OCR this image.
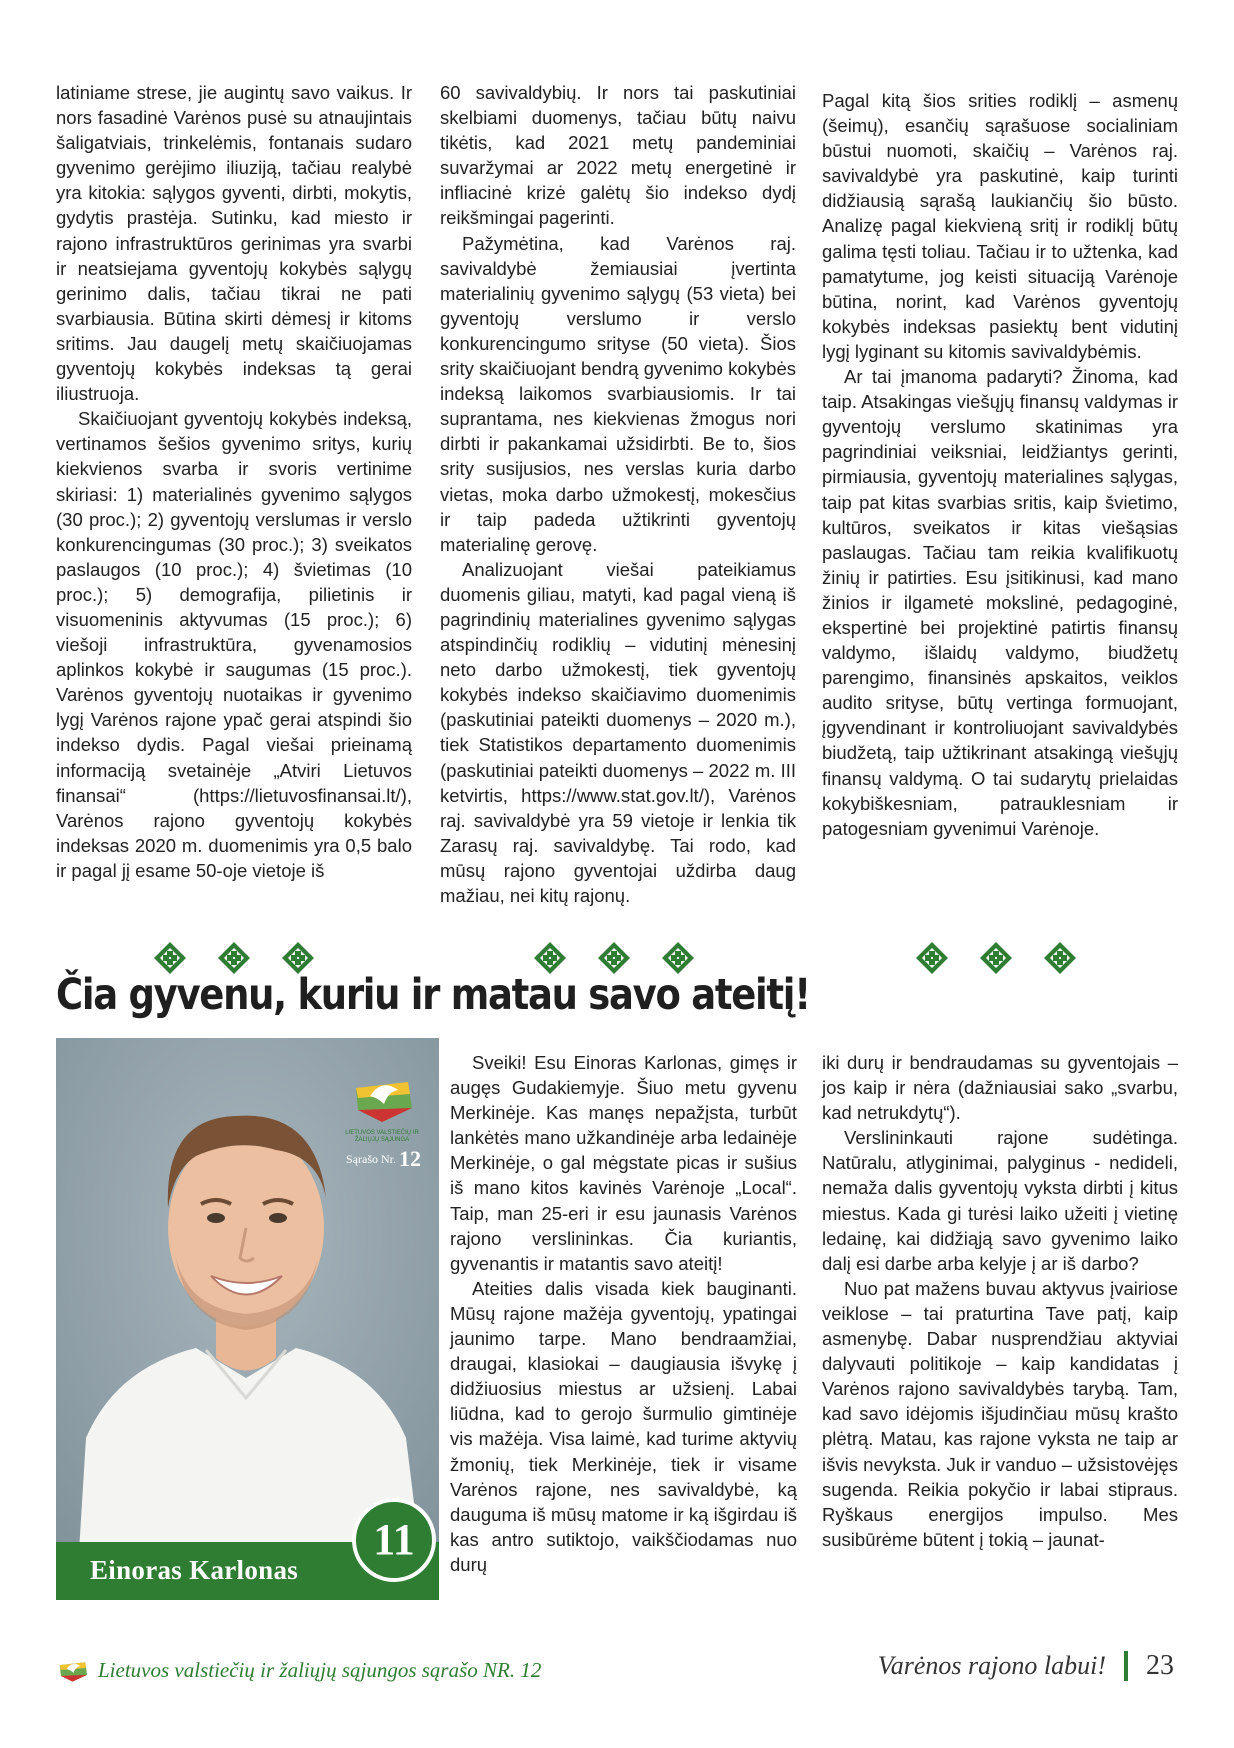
latiniame strese, jie augintų savo vaikus. Ir nors fasadinė Varėnos pusė su atnaujintais šaligatviais, trinkelėmis, fontanais sudaro gyvenimo gerėjimo iliuziją, tačiau realybė yra kitokia: sąlygos gyventi, dirbti, mokytis, gydytis prastėja. Sutinku, kad miesto ir rajono infrastruktūros gerinimas yra svarbi ir neatsiejama gyventojų kokybės sąlygų gerinimo dalis, tačiau tikrai ne pati svarbiausia. Būtina skirti dėmesį ir kitoms sritims. Jau daugelį metų skaičiuojamas gyventojų kokybės indeksas tą gerai iliustruoja.

Skaičiuojant gyventojų kokybės indeksą, vertinamos šešios gyvenimo sritys, kurių kiekvienos svarba ir svoris vertinime skiriasi: 1) materialinės gyvenimo sąlygos (30 proc.); 2) gyventojų verslumas ir verslo konkurencingumas (30 proc.); 3) sveikatos paslaugos (10 proc.); 4) švietimas (10 proc.); 5) demografija, pilietinis ir visuomeninis aktyvumas (15 proc.); 6) viešoji infrastruktūra, gyvenamosios aplinkos kokybė ir saugumas (15 proc.). Varėnos gyventojų nuotaikas ir gyvenimo lygį Varėnos rajone ypač gerai atspindi šio indekso dydis. Pagal viešai prieinamą informaciją svetainėje „Atviri Lietuvos finansai“ (https://lietuvosfinansai.lt/), Varėnos rajono gyventojų kokybės indeksas 2020 m. duomenimis yra 0,5 balo ir pagal jį esame 50-oje vietoje iš

60 savivaldybių. Ir nors tai paskutiniai skelbiami duomenys, tačiau būtų naivu tikėtis, kad 2021 metų pandeminiai suvaržymai ar 2022 metų energetinė ir infliacinė krizė galėtų šio indekso dydį reikšmingai pagerinti.

Pažymėtina, kad Varėnos raj. savivaldybė žemiausiai įvertinta materialinių gyvenimo sąlygų (53 vieta) bei gyventojų verslumo ir verslo konkurencingumo srityse (50 vieta). Šios srity skaičiuojant bendrą gyvenimo kokybės indeksą laikomos svarbiausiomis. Ir tai suprantama, nes kiekvienas žmogus nori dirbti ir pakankamai užsidirbti. Be to, šios srity susijusios, nes verslas kuria darbo vietas, moka darbo užmokestį, mokesčius ir taip padeda užtikrinti gyventojų materialinę gerovę.

Analizuojant viešai pateikiamus duomenis giliau, matyti, kad pagal vieną iš pagrindinių materialines gyvenimo sąlygas atspindinčių rodiklių – vidutinį mėnesinį neto darbo užmokestį, tiek gyventojų kokybės indekso skaičiavimo duomenimis (paskutiniai pateikti duomenys – 2020 m.), tiek Statistikos departamento duomenimis (paskutiniai pateikti duomenys – 2022 m. III ketvirtis, https://www.stat.gov.lt/), Varėnos raj. savivaldybė yra 59 vietoje ir lenkia tik Zarasų raj. savivaldybę. Tai rodo, kad mūsų rajono gyventojai uždirba daug mažiau, nei kitų rajonų.

Pagal kitą šios srities rodiklį – asmenų (šeimų), esančių sąrašuose socialiniam būstui nuomoti, skaičių – Varėnos raj. savivaldybė yra paskutinė, kaip turinti didžiausią sąrašą laukiančių šio būsto. Analizę pagal kiekvieną sritį ir rodiklį būtų galima tęsti toliau. Tačiau ir to užtenka, kad pamatytume, jog keisti situaciją Varėnoje būtina, norint, kad Varėnos gyventojų kokybės indeksas pasiektų bent vidutinį lygį lyginant su kitomis savivaldybėmis.

Ar tai įmanoma padaryti? Žinoma, kad taip. Atsakingas viešųjų finansų valdymas ir gyventojų verslumo skatinimas yra pagrindiniai veiksniai, leidžiantys gerinti, pirmiausia, gyventojų materialines sąlygas, taip pat kitas svarbias sritis, kaip švietimo, kultūros, sveikatos ir kitas viešąsias paslaugas. Tačiau tam reikia kvalifikuotų žinių ir patirties. Esu įsitikinusi, kad mano žinios ir ilgametė mokslinė, pedagoginė, ekspertinė bei projektinė patirtis finansų valdymo, išlaidų valdymo, biudžetų parengimo, finansinės apskaitos, veiklos audito srityse, būtų vertinga formuojant, įgyvendinant ir kontroliuojant savivaldybės biudžetą, taip užtikrinant atsakingą viešųjų finansų valdymą. O tai sudarytų prielaidas kokybiškesniam, patrauklesniam ir patogesniam gyvenimui Varėnoje.

Čia gyvenu, kuriu ir matau savo ateitį!
LIETUVOS VALSTIEČIŲ IR ŽALIŲJŲ SĄJUNGA
Sąrašo Nr. 12
Einoras Karlonas
11

Sveiki! Esu Einoras Karlonas, gimęs ir augęs Gudakiemyje. Šiuo metu gyvenu Merkinėje. Kas manęs nepažįsta, turbūt lankėtės mano užkandinėje arba ledainėje Merkinėje, o gal mėgstate picas ir sušius iš mano kitos kavinės Varėnoje „Local“. Taip, man 25-eri ir esu jaunasis Varėnos rajono verslininkas. Čia kuriantis, gyvenantis ir matantis savo ateitį!

Ateities dalis visada kiek bauginanti. Mūsų rajone mažėja gyventojų, ypatingai jaunimo tarpe. Mano bendraamžiai, draugai, klasiokai – daugiausia išvykę į didžiuosius miestus ar užsienį. Labai liūdna, kad to gerojo šurmulio gimtinėje vis mažėja. Visa laimė, kad turime aktyvių žmonių, tiek Merkinėje, tiek ir visame Varėnos rajone, nes savivaldybė, ką dauguma iš mūsų matome ir ką išgirdau iš kas antro sutiktojo, vaikščiodamas nuo durų

iki durų ir bendraudamas su gyventojais – jos kaip ir nėra (dažniausiai sako „svarbu, kad netrukdytų“).

Verslininkauti rajone sudėtinga. Natūralu, atlyginimai, palyginus - nedideli, nemaža dalis gyventojų vyksta dirbti į kitus miestus. Kada gi turėsi laiko užeiti į vietinę ledainę, kai didžiąją savo gyvenimo laiko dalį esi darbe arba kelyje į ar iš darbo?

Nuo pat mažens buvau aktyvus įvairiose veiklose – tai praturtina Tave patį, kaip asmenybę. Dabar nusprendžiau aktyviai dalyvauti politikoje – kaip kandidatas į Varėnos rajono savivaldybės tarybą. Tam, kad savo idėjomis išjudinčiau mūsų krašto plėtrą. Matau, kas rajone vyksta ne taip ar išvis nevyksta. Juk ir vanduo – užsistovėjęs sugenda. Reikia pokyčio ir labai stipraus. Ryškaus energijos impulso. Mes susibūrėme būtent į tokią – jaunat-

Lietuvos valstiečių ir žaliųjų sąjungos sąrašo NR. 12	Varėnos rajono labui! 23
